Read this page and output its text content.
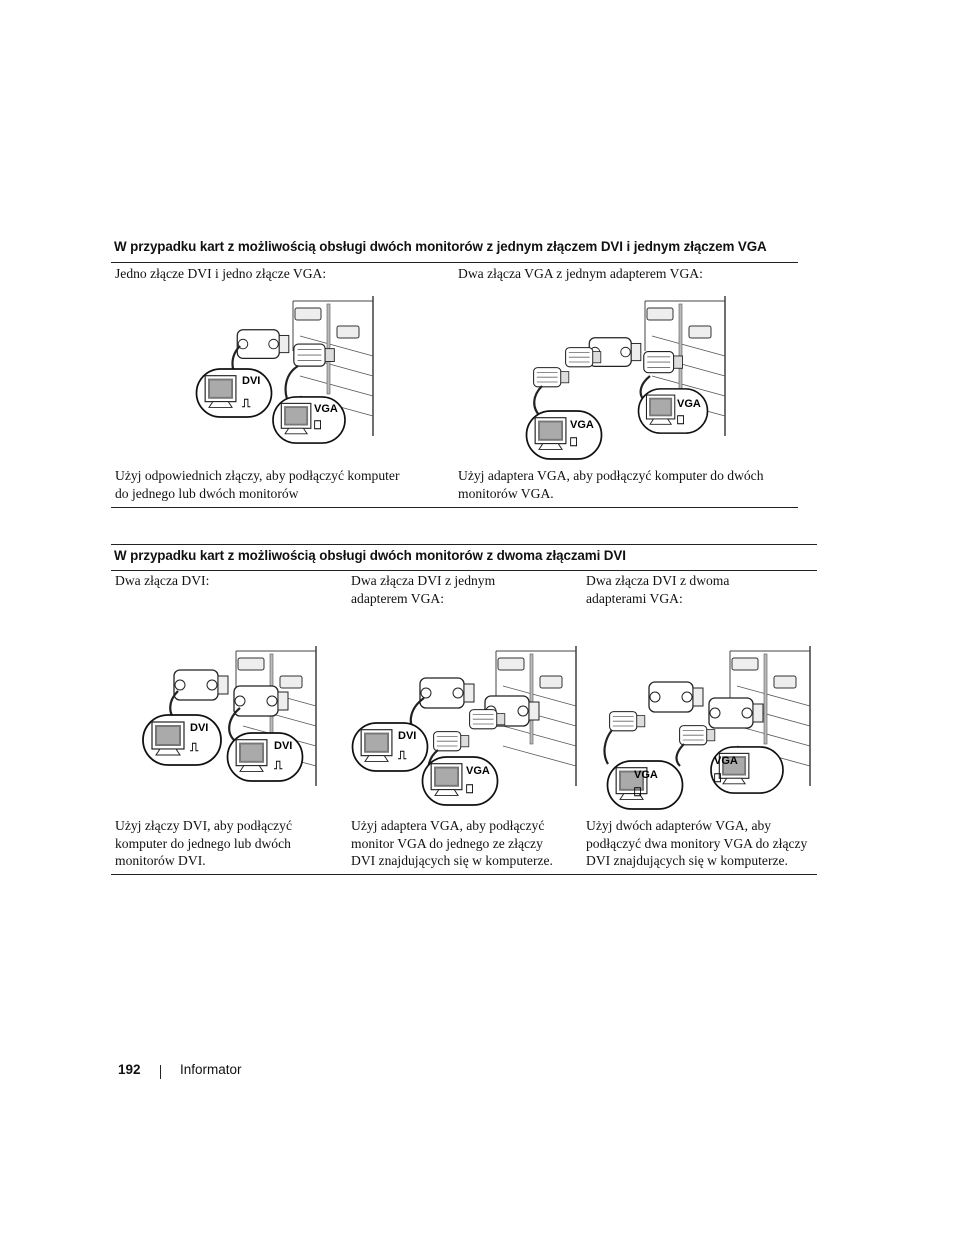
W przypadku kart z możliwością obsługi dwóch monitorów z jednym złączem DVI i jednym złączem VGA
Jedno złącze DVI i jedno złącze VGA:	Dwa złącza VGA z jednym adapterem VGA:
DVI
⎍	VGA
⎕
VGA
⎕
VGA
⎕
Użyj odpowiednich złączy, aby podłączyć komputer
do jednego lub dwóch monitorów
Użyj adaptera VGA, aby podłączyć komputer do dwóch
monitorów VGA.
W przypadku kart z możliwością obsługi dwóch monitorów z dwoma złączami DVI
Dwa złącza DVI:	Dwa złącza DVI z jednym
adapterem VGA:
Dwa złącza DVI z dwoma
adapterami VGA:
DVI
⎍	DVI
⎍
DVI
⎍
VGA
⎕
VGA
⎕
VGA
⎕
Użyj złączy DVI, aby podłączyć
komputer do jednego lub dwóch
monitorów DVI.
Użyj adaptera VGA, aby podłączyć
monitor VGA do jednego ze złączy
DVI znajdujących się w komputerze.
Użyj dwóch adapterów VGA, aby
podłączyć dwa monitory VGA do złączy
DVI znajdujących się w komputerze.
192	Informator
